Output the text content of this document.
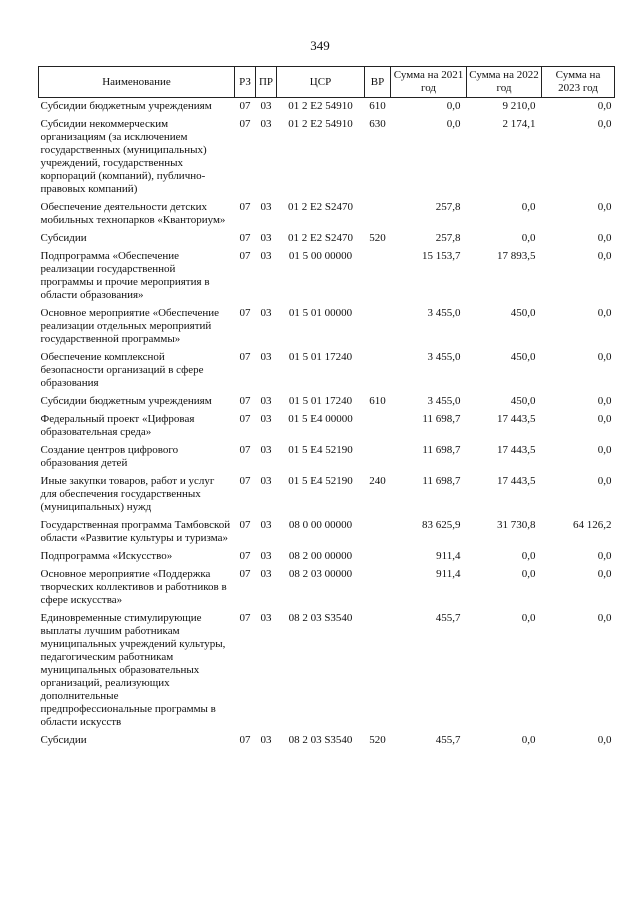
349
Наименование	РЗ	ПР	ЦСР	ВР	Сумма на 2021 год	Сумма на 2022 год	Сумма на 2023 год
Субсидии бюджетным учреждениям	07	03	01 2 E2 54910	610	0,0	9 210,0	0,0
Субсидии некоммерческим организациям (за исключением государственных (муниципальных) учреждений, государственных корпораций (компаний), публично-правовых компаний)	07	03	01 2 E2 54910	630	0,0	2 174,1	0,0
Обеспечение деятельности детских мобильных технопарков «Кванториум»	07	03	01 2 E2 S2470		257,8	0,0	0,0
Субсидии	07	03	01 2 E2 S2470	520	257,8	0,0	0,0
Подпрограмма «Обеспечение реализации государственной программы и прочие мероприятия в области образования»	07	03	01 5 00 00000		15 153,7	17 893,5	0,0
Основное мероприятие «Обеспечение реализации отдельных мероприятий государственной программы»	07	03	01 5 01 00000		3 455,0	450,0	0,0
Обеспечение комплексной безопасности организаций в сфере образования	07	03	01 5 01 17240		3 455,0	450,0	0,0
Субсидии бюджетным учреждениям	07	03	01 5 01 17240	610	3 455,0	450,0	0,0
Федеральный проект «Цифровая образовательная среда»	07	03	01 5 E4 00000		11 698,7	17 443,5	0,0
Создание центров цифрового образования детей	07	03	01 5 E4 52190		11 698,7	17 443,5	0,0
Иные закупки товаров, работ и услуг для обеспечения государственных (муниципальных) нужд	07	03	01 5 E4 52190	240	11 698,7	17 443,5	0,0
Государственная программа Тамбовской области «Развитие культуры и туризма»	07	03	08 0 00 00000		83 625,9	31 730,8	64 126,2
Подпрограмма «Искусство»	07	03	08 2 00 00000		911,4	0,0	0,0
Основное мероприятие «Поддержка творческих коллективов и работников в сфере искусства»	07	03	08 2 03 00000		911,4	0,0	0,0
Единовременные стимулирующие выплаты лучшим работникам муниципальных учреждений культуры, педагогическим работникам муниципальных образовательных организаций, реализующих дополнительные предпрофессиональные программы в области искусств	07	03	08 2 03 S3540		455,7	0,0	0,0
Субсидии	07	03	08 2 03 S3540	520	455,7	0,0	0,0
